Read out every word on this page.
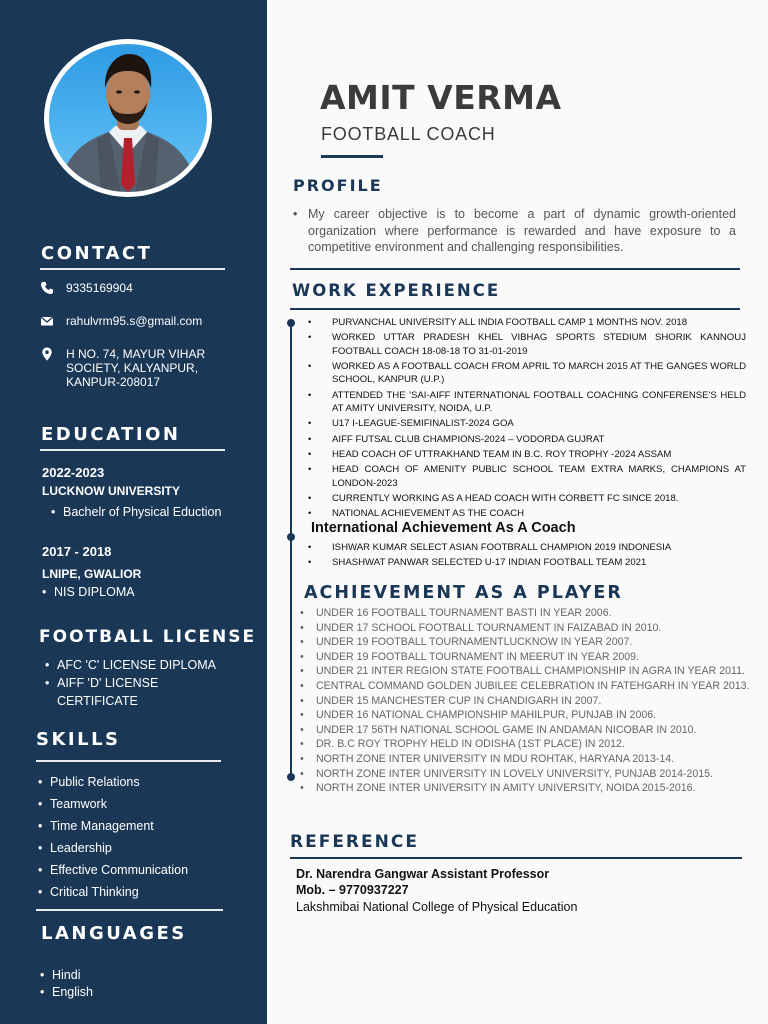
CONTACT
9335169904
rahulvrm95.s@gmail.com
H NO. 74, MAYUR VIHAR
SOCIETY, KALYANPUR,
KANPUR-208017
EDUCATION
2022-2023
LUCKNOW UNIVERSITY
• Bachelr of Physical Eduction
2017 - 2018
LNIPE, GWALIOR
• NIS DIPLOMA
FOOTBALL LICENSE
• AFC 'C' LICENSE DIPLOMA
• AIFF 'D' LICENSE
• CERTIFICATE
SKILLS
• Public Relations
• Teamwork
• Time Management
• Leadership
• Effective Communication
• Critical Thinking
LANGUAGES
• Hindi
• English
AMIT VERMA
FOOTBALL COACH
PROFILE
• My career objective is to become a part of dynamic growth-oriented organization where performance is rewarded and have exposure to a competitive environment and challenging responsibilities.
WORK EXPERIENCE
• PURVANCHAL UNIVERSITY ALL INDIA FOOTBALL CAMP 1 MONTHS NOV. 2018
• WORKED UTTAR PRADESH KHEL VIBHAG SPORTS STEDIUM SHORIK KANNOUJ FOOTBALL COACH 18-08-18 TO 31-01-2019
• WORKED AS A FOOTBALL COACH FROM APRIL TO MARCH 2015 AT THE GANGES WORLD SCHOOL, KANPUR (U.P.)
• ATTENDED THE 'SAI-AIFF INTERNATIONAL FOOTBALL COACHING CONFERENSE'S HELD AT AMITY UNIVERSITY, NOIDA, U.P.
• U17 I-LEAGUE-SEMIFINALIST-2024 GOA
• AIFF FUTSAL CLUB CHAMPIONS-2024 – VODORDA GUJRAT
• HEAD COACH OF UTTRAKHAND TEAM IN B.C. ROY TROPHY -2024 ASSAM
• HEAD COACH OF AMENITY PUBLIC SCHOOL TEAM EXTRA MARKS, CHAMPIONS AT LONDON-2023
• CURRENTLY WORKING AS A HEAD COACH WITH CORBETT FC SINCE 2018.
• NATIONAL ACHIEVEMENT AS THE COACH
International Achievement As A Coach
• ISHWAR KUMAR SELECT ASIAN FOOTBRALL CHAMPION 2019 INDONESIA
• SHASHWAT PANWAR SELECTED U-17 INDIAN FOOTBALL TEAM 2021
ACHIEVEMENT AS A PLAYER
• UNDER 16 FOOTBALL TOURNAMENT BASTI IN YEAR 2006.
• UNDER 17 SCHOOL FOOTBALL TOURNAMENT IN FAIZABAD IN 2010.
• UNDER 19 FOOTBALL TOURNAMENTLUCKNOW IN YEAR 2007.
• UNDER 19 FOOTBALL TOURNAMENT IN MEERUT IN YEAR 2009.
• UNDER 21 INTER REGION STATE FOOTBALL CHAMPIONSHIP IN AGRA IN YEAR 2011.
• CENTRAL COMMAND GOLDEN JUBILEE CELEBRATION IN FATEHGARH IN YEAR 2013.
• UNDER 15 MANCHESTER CUP IN CHANDIGARH IN 2007.
• UNDER 16 NATIONAL CHAMPIONSHIP MAHILPUR, PUNJAB IN 2006.
• UNDER 17 56TH NATIONAL SCHOOL GAME IN ANDAMAN NICOBAR IN 2010.
• DR. B.C ROY TROPHY HELD IN ODISHA (1ST PLACE) IN 2012.
• NORTH ZONE INTER UNIVERSITY IN MDU ROHTAK, HARYANA 2013-14.
• NORTH ZONE INTER UNIVERSITY IN LOVELY UNIVERSITY, PUNJAB 2014-2015.
• NORTH ZONE INTER UNIVERSITY IN AMITY UNIVERSITY, NOIDA 2015-2016.
REFERENCE
Dr. Narendra Gangwar Assistant Professor
Mob. – 9770937227
Lakshmibai National College of Physical Education
